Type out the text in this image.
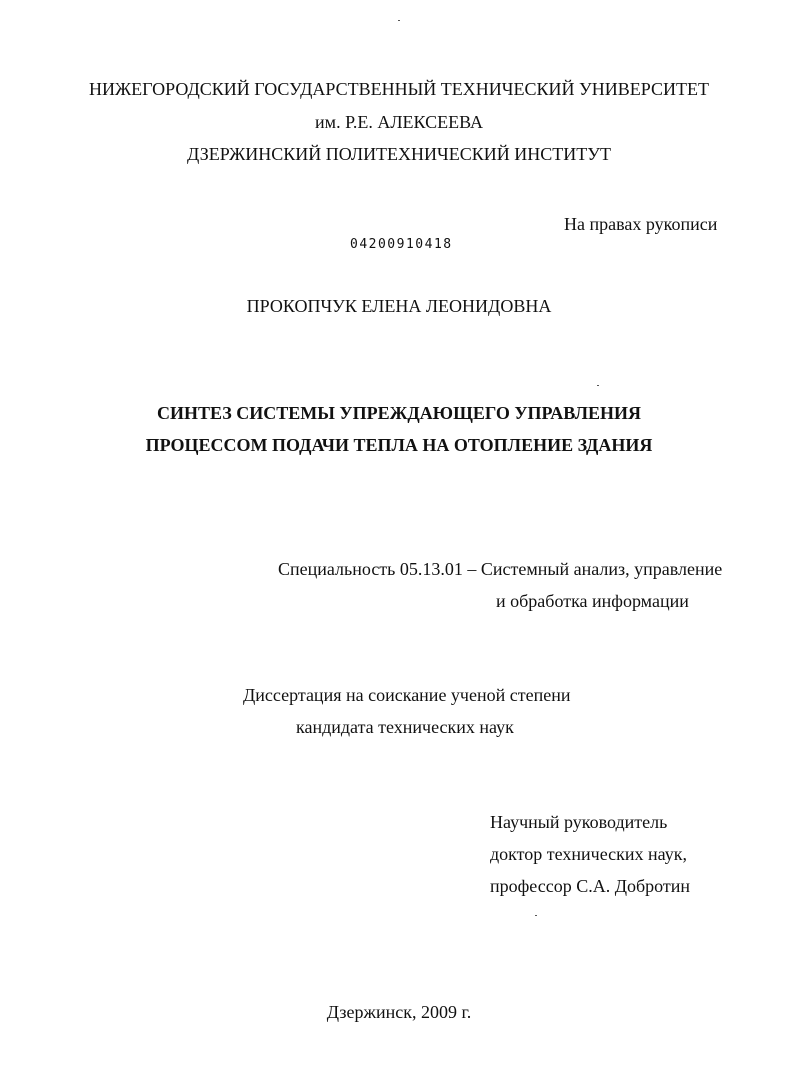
НИЖЕГОРОДСКИЙ ГОСУДАРСТВЕННЫЙ ТЕХНИЧЕСКИЙ УНИВЕРСИТЕТ
им. Р.Е. АЛЕКСЕЕВА
ДЗЕРЖИНСКИЙ ПОЛИТЕХНИЧЕСКИЙ ИНСТИТУТ
На правах рукописи
04200910418
ПРОКОПЧУК ЕЛЕНА ЛЕОНИДОВНА
СИНТЕЗ СИСТЕМЫ УПРЕЖДАЮЩЕГО УПРАВЛЕНИЯ
ПРОЦЕССОМ ПОДАЧИ ТЕПЛА НА ОТОПЛЕНИЕ ЗДАНИЯ
Специальность 05.13.01 – Системный анализ, управление
и обработка информации
Диссертация на соискание ученой степени
кандидата технических наук
Научный руководитель
доктор технических наук,
профессор С.А. Добротин
Дзержинск, 2009 г.
